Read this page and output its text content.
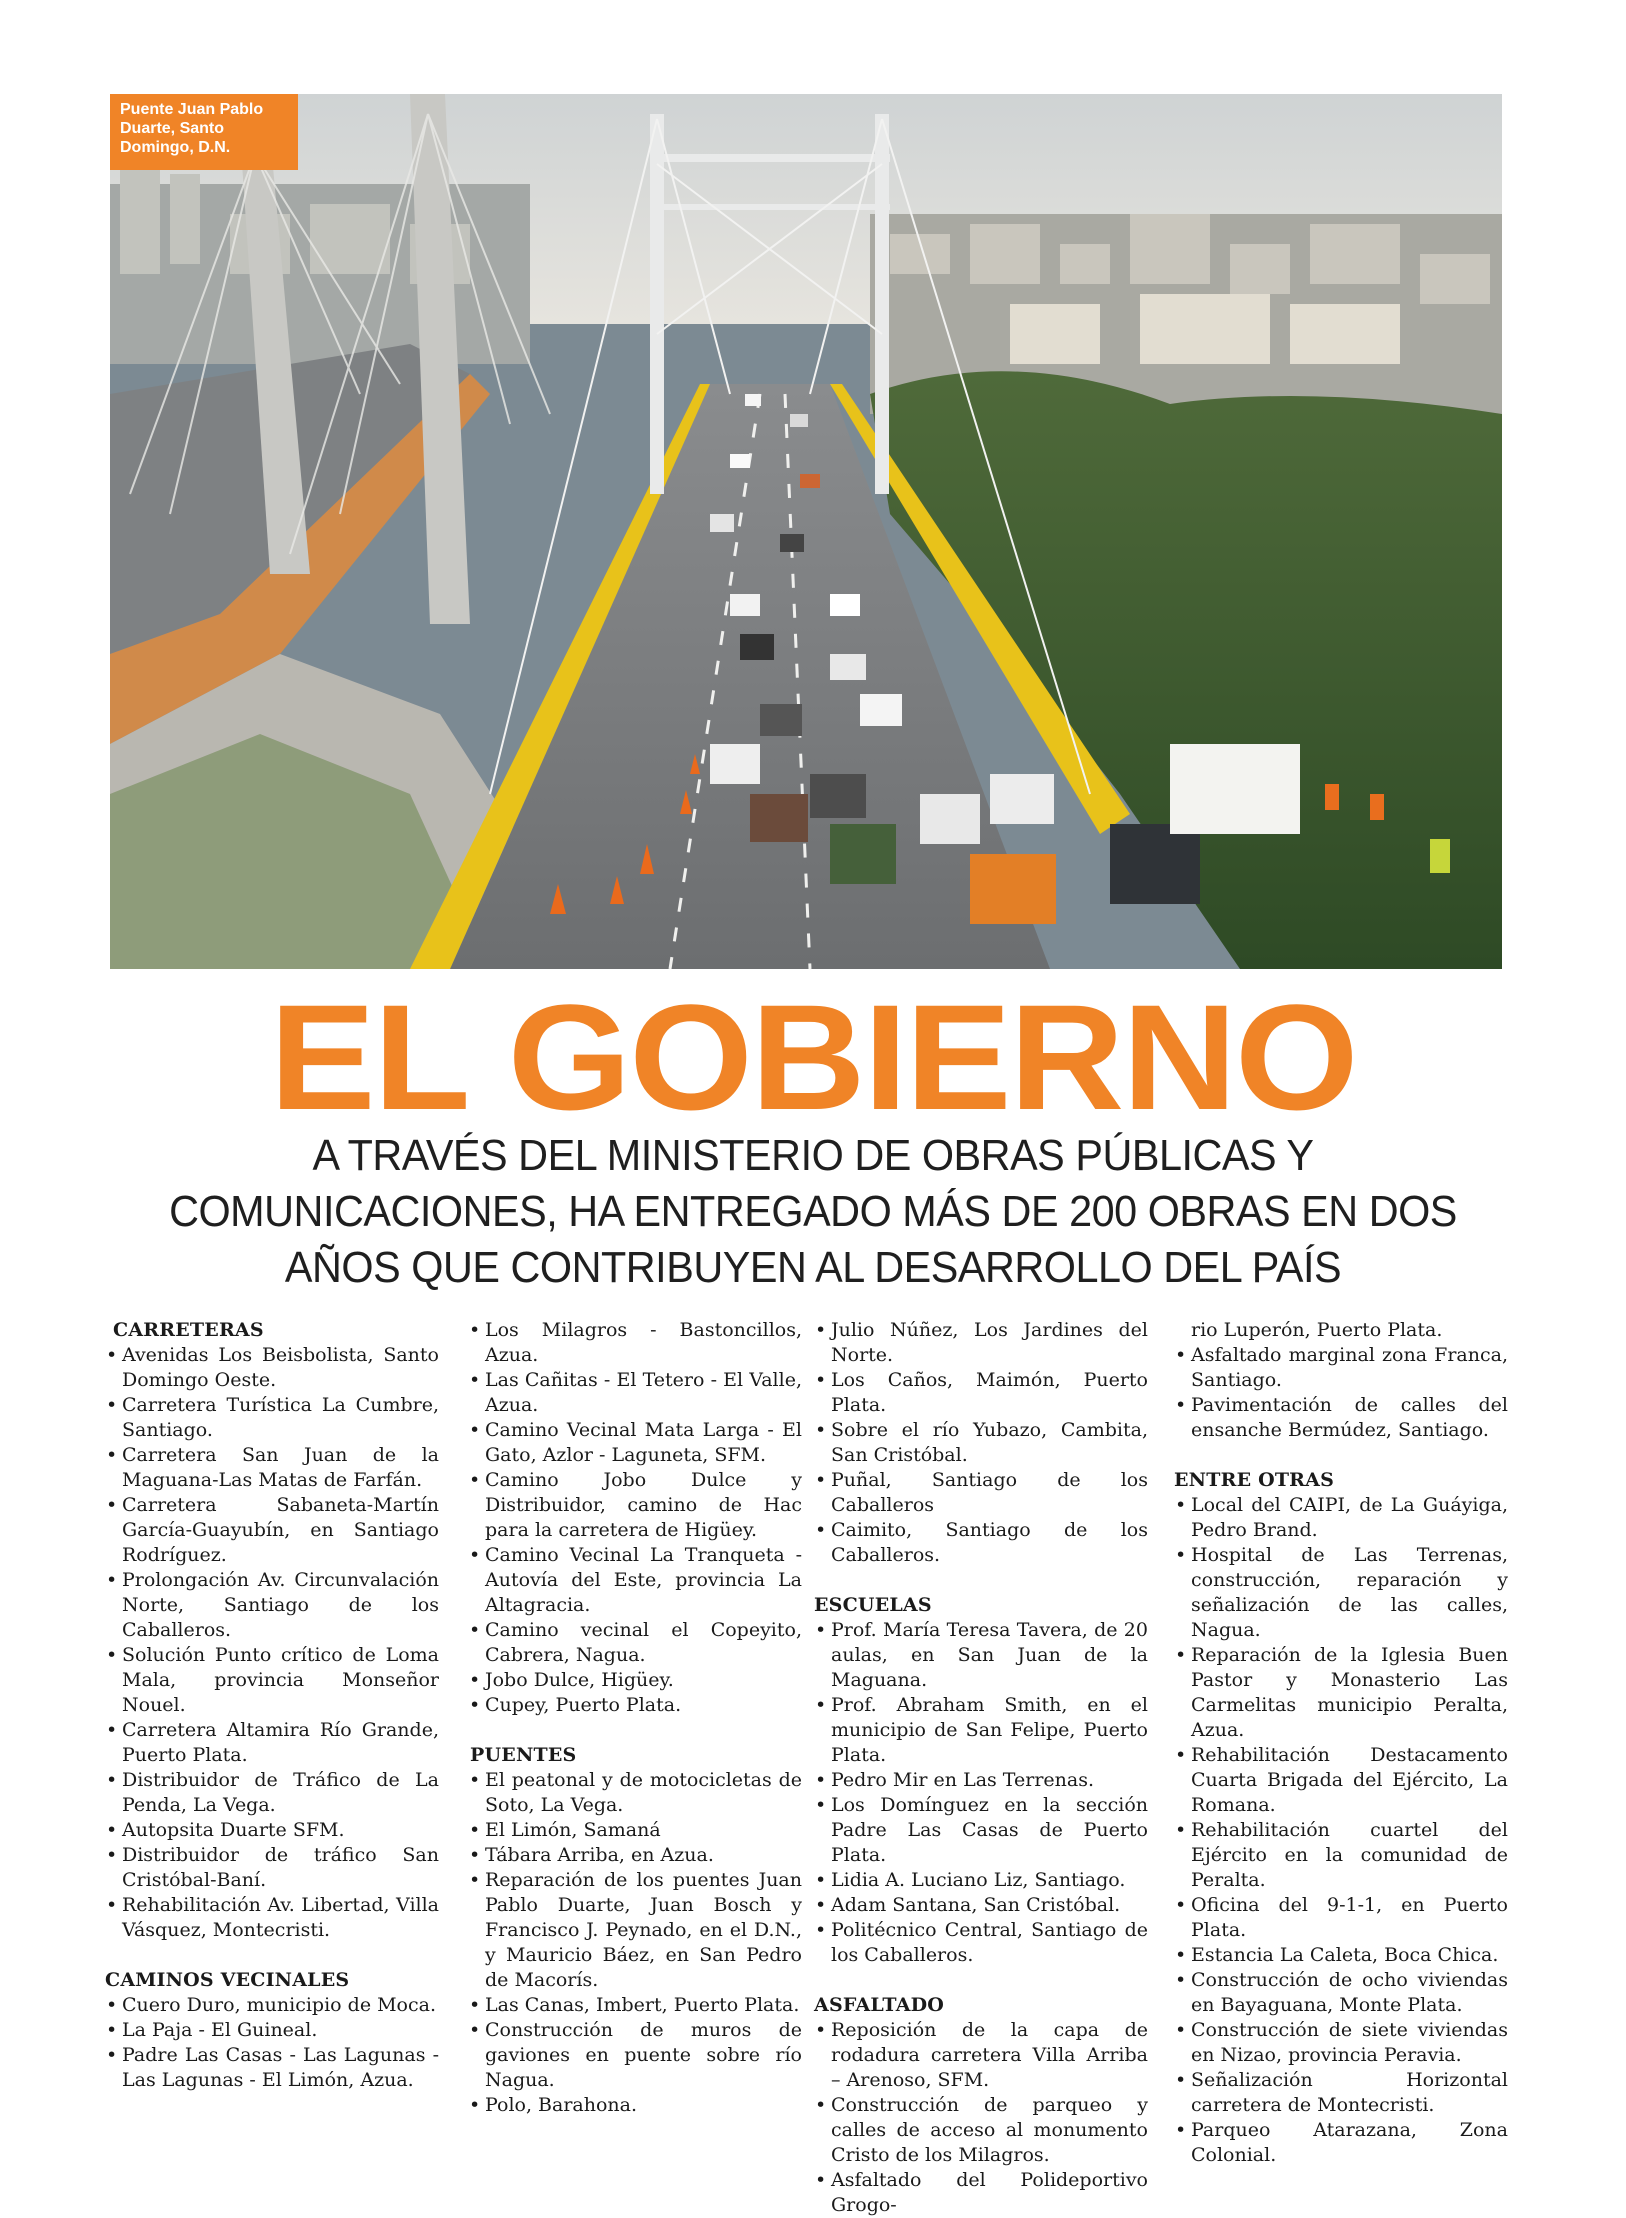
Puente Juan Pablo
Duarte, Santo
Domingo, D.N.
EL GOBIERNO
A TRAVÉS DEL MINISTERIO DE OBRAS PÚBLICAS Y
COMUNICACIONES, HA ENTREGADO MÁS DE 200 OBRAS EN DOS
AÑOS QUE CONTRIBUYEN AL DESARROLLO DEL PAÍS
CARRETERAS
• Avenidas Los Beisbolista, Santo Domingo Oeste.
• Carretera Turística La Cumbre, Santiago.
• Carretera San Juan de la Maguana-Las Matas de Farfán.
• Carretera Sabaneta-Martín García-Guayubín, en Santiago Rodríguez.
• Prolongación Av. Circunvalación Norte, Santiago de los Caballeros.
• Solución Punto crítico de Loma Mala, provincia Monseñor Nouel.
• Carretera Altamira Río Grande, Puerto Plata.
• Distribuidor de Tráfico de La Penda, La Vega.
• Autopsita Duarte SFM.
• Distribuidor de tráfico San Cristóbal-Baní.
• Rehabilitación Av. Libertad, Villa Vásquez, Montecristi.
CAMINOS VECINALES
• Cuero Duro, municipio de Moca.
• La Paja - El Guineal.
• Padre Las Casas - Las Lagunas - Las Lagunas - El Limón, Azua.
• Los Milagros - Bastoncillos, Azua.
• Las Cañitas - El Tetero - El Valle, Azua.
• Camino Vecinal Mata Larga - El Gato, Azlor - Laguneta, SFM.
• Camino Jobo Dulce y Distribuidor, camino de Hac para la carretera de Higüey.
• Camino Vecinal La Tranqueta - Autovía del Este, provincia La Altagracia.
• Camino vecinal el Copeyito, Cabrera, Nagua.
• Jobo Dulce, Higüey.
• Cupey, Puerto Plata.
PUENTES
• El peatonal y de motocicletas de Soto, La Vega.
• El Limón, Samaná
• Tábara Arriba, en Azua.
• Reparación de los puentes Juan Pablo Duarte, Juan Bosch y Francisco J. Peynado, en el D.N., y Mauricio Báez, en San Pedro de Macorís.
• Las Canas, Imbert, Puerto Plata.
• Construcción de muros de gaviones en puente sobre río Nagua.
• Polo, Barahona.
• Julio Núñez, Los Jardines del Norte.
• Los Caños, Maimón, Puerto Plata.
• Sobre el río Yubazo, Cambita, San Cristóbal.
• Puñal, Santiago de los Caballeros
• Caimito, Santiago de los Caballeros.
ESCUELAS
• Prof. María Teresa Tavera, de 20 aulas, en San Juan de la Maguana.
• Prof. Abraham Smith, en el municipio de San Felipe, Puerto Plata.
• Pedro Mir en Las Terrenas.
• Los Domínguez en la sección Padre Las Casas de Puerto Plata.
• Lidia A. Luciano Liz, Santiago.
• Adam Santana, San Cristóbal.
• Politécnico Central, Santiago de los Caballeros.
ASFALTADO
• Reposición de la capa de rodadura carretera Villa Arriba – Arenoso, SFM.
• Construcción de parqueo y calles de acceso al monumento Cristo de los Milagros.
• Asfaltado del Polideportivo Grogo-
rio Luperón, Puerto Plata.
• Asfaltado marginal zona Franca, Santiago.
• Pavimentación de calles del ensanche Bermúdez, Santiago.
ENTRE OTRAS
• Local del CAIPI, de La Guáyiga, Pedro Brand.
• Hospital de Las Terrenas, construcción, reparación y señalización de las calles, Nagua.
• Reparación de la Iglesia Buen Pastor y Monasterio Las Carmelitas municipio Peralta, Azua.
• Rehabilitación Destacamento Cuarta Brigada del Ejército, La Romana.
• Rehabilitación cuartel del Ejército en la comunidad de Peralta.
• Oficina del 9-1-1, en Puerto Plata.
• Estancia La Caleta, Boca Chica.
• Construcción de ocho viviendas en Bayaguana, Monte Plata.
• Construcción de siete viviendas en Nizao, provincia Peravia.
• Señalización Horizontal carretera de Montecristi.
• Parqueo Atarazana, Zona Colonial.
